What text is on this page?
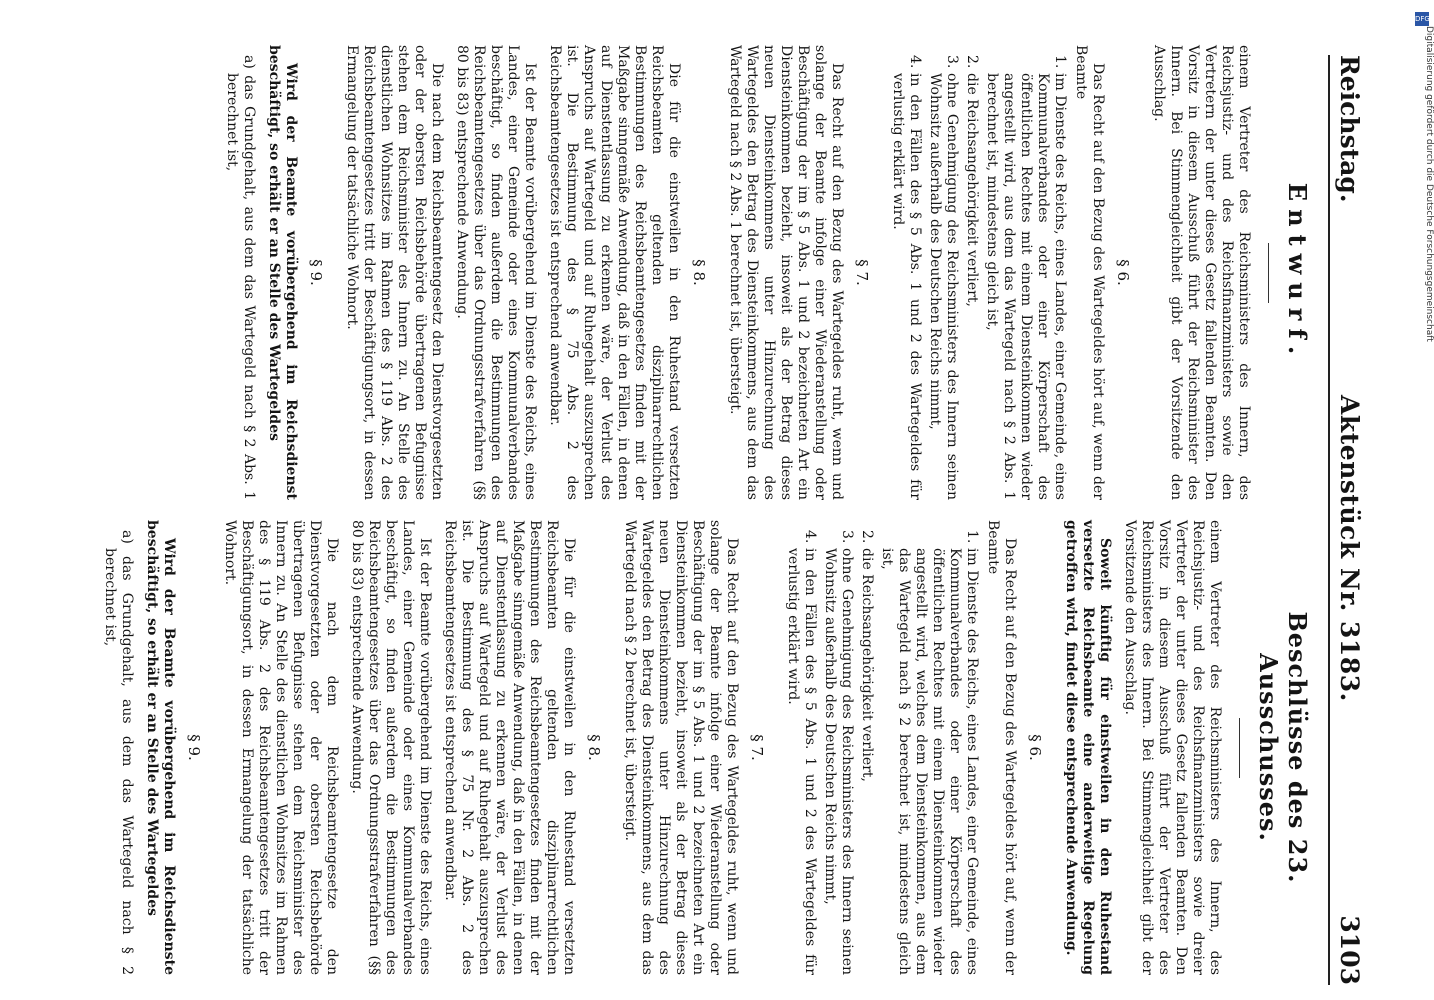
Reichstag.
Aktenstück Nr. 3183.
3103
Entwurf.

einem Vertreter des Reichsministers des Innern, des Reichsjustiz- und des Reichsfinanzministers sowie den Vertretern der unter dieses Gesetz fallenden Beamten. Den Vorsitz in diesem Ausschuß führt der Reichsminister des Innern. Bei Stimmengleichheit gibt der Vorsitzende den Ausschlag.

§ 6.

Das Recht auf den Bezug des Wartegeldes hört auf, wenn der Beamte

1.im Dienste des Reichs, eines Landes, einer Gemeinde, eines Kommunalverbandes oder einer Körperschaft des öffentlichen Rechtes mit einem Diensteinkommen wieder angestellt wird, aus dem das Wartegeld nach § 2 Abs. 1 berechnet ist, mindestens gleich ist,

2.die Reichsangehörigkeit verliert,

3.ohne Genehmigung des Reichsministers des Innern seinen Wohnsitz außerhalb des Deutschen Reichs nimmt,

4.in den Fällen des § 5 Abs. 1 und 2 des Wartegeldes für verlustig erklärt wird.

§ 7.

Das Recht auf den Bezug des Wartegeldes ruht, wenn und solange der Beamte infolge einer Wiederanstellung oder Beschäftigung der im § 5 Abs. 1 und 2 bezeichneten Art ein Diensteinkommen bezieht, insoweit als der Betrag dieses neuen Diensteinkommens unter Hinzurechnung des Wartegeldes den Betrag des Diensteinkommens, aus dem das Wartegeld nach § 2 Abs. 1 berechnet ist, übersteigt.

§ 8.

Die für die einstweilen in den Ruhestand versetzten Reichsbeamten geltenden disziplinarrechtlichen Bestimmungen des Reichsbeamtengesetzes finden mit der Maßgabe sinngemäße Anwendung, daß in den Fällen, in denen auf Dienstentlassung zu erkennen wäre, der Verlust des Anspruchs auf Wartegeld und auf Ruhegehalt auszusprechen ist. Die Bestimmung des § 75 Abs. 2 des Reichsbeamtengesetzes ist entsprechend anwendbar.

Ist der Beamte vorübergehend im Dienste des Reichs, eines Landes, einer Gemeinde oder eines Kommunalverbandes beschäftigt, so finden außerdem die Bestimmungen des Reichsbeamtengesetzes über das Ordnungsstrafverfahren (§§ 80 bis 83) entsprechende Anwendung.

Die nach dem Reichsbeamtengesetz den Dienstvorgesetzten oder der obersten Reichsbehörde übertragenen Befugnisse stehen dem Reichsminister des Innern zu. An Stelle des dienstlichen Wohnsitzes im Rahmen des § 119 Abs. 2 des Reichsbeamtengesetzes tritt der Beschäftigungsort, in dessen Ermangelung der tatsächliche Wohnort.

§ 9.

Wird der Beamte vorübergehend im Reichsdienst beschäftigt, so erhält er an Stelle des Wartegeldes

a) das Grundgehalt, aus dem das Wartegeld nach § 2 Abs. 1 berechnet ist,

Beschlüsse des 23. Ausschusses.

einem Vertreter des Reichsministers des Innern, des Reichsjustiz- und des Reichsfinanzministers sowie dreier Vertreter der unter dieses Gesetz fallenden Beamten. Den Vorsitz in diesem Ausschuß führt der Vertreter des Reichsministers des Innern. Bei Stimmengleichheit gibt der Vorsitzende den Ausschlag.

Soweit künftig für einstweilen in den Ruhestand versetzte Reichsbeamte eine anderweitige Regelung getroffen wird, findet diese entsprechende Anwendung.

§ 6.

Das Recht auf den Bezug des Wartegeldes hört auf, wenn der Beamte

1.im Dienste des Reichs, eines Landes, einer Gemeinde, eines Kommunalverbandes oder einer Körperschaft des öffentlichen Rechtes mit einem Diensteinkommen wieder angestellt wird, welches dem Diensteinkommen, aus dem das Wartegeld nach § 2 berechnet ist, mindestens gleich ist,

2.die Reichsangehörigkeit verliert,

3.ohne Genehmigung des Reichsministers des Innern seinen Wohnsitz außerhalb des Deutschen Reichs nimmt,

4.in den Fällen des § 5 Abs. 1 und 2 des Wartegeldes für verlustig erklärt wird.

§ 7.

Das Recht auf den Bezug des Wartegeldes ruht, wenn und solange der Beamte infolge einer Wiederanstellung oder Beschäftigung der im § 5 Abs. 1 und 2 bezeichneten Art ein Diensteinkommen bezieht, insoweit als der Betrag dieses neuen Diensteinkommens unter Hinzurechnung des Wartegeldes den Betrag des Diensteinkommens, aus dem das Wartegeld nach § 2 berechnet ist, übersteigt.

§ 8.

Die für die einstweilen in den Ruhestand versetzten Reichsbeamten geltenden disziplinarrechtlichen Bestimmungen des Reichsbeamtengesetzes finden mit der Maßgabe sinngemäße Anwendung, daß in den Fällen, in denen auf Dienstentlassung zu erkennen wäre, der Verlust des Anspruchs auf Wartegeld und auf Ruhegehalt auszusprechen ist. Die Bestimmung des § 75 Nr. 2 Abs. 2 des Reichsbeamtengesetzes ist entsprechend anwendbar.

Ist der Beamte vorübergehend im Dienste des Reichs, eines Landes, einer Gemeinde oder eines Kommunalverbandes beschäftigt, so finden außerdem die Bestimmungen des Reichsbeamtengesetzes über das Ordnungsstrafverfahren (§§ 80 bis 83) entsprechende Anwendung.

Die nach dem Reichsbeamtengesetze den Dienstvorgesetzten oder der obersten Reichsbehörde übertragenen Befugnisse stehen dem Reichsminister des Innern zu. An Stelle des dienstlichen Wohnsitzes im Rahmen des § 119 Abs. 2 des Reichsbeamtengesetzes tritt der Beschäftigungsort, in dessen Ermangelung der tatsächliche Wohnort.

§ 9.

Wird der Beamte vorübergehend im Reichsdienste beschäftigt, so erhält er an Stelle des Wartegeldes

a) das Grundgehalt, aus dem das Wartegeld nach § 2 berechnet ist,

DFG
Digitalisierung gefördert durch die Deutsche Forschungsgemeinschaft
